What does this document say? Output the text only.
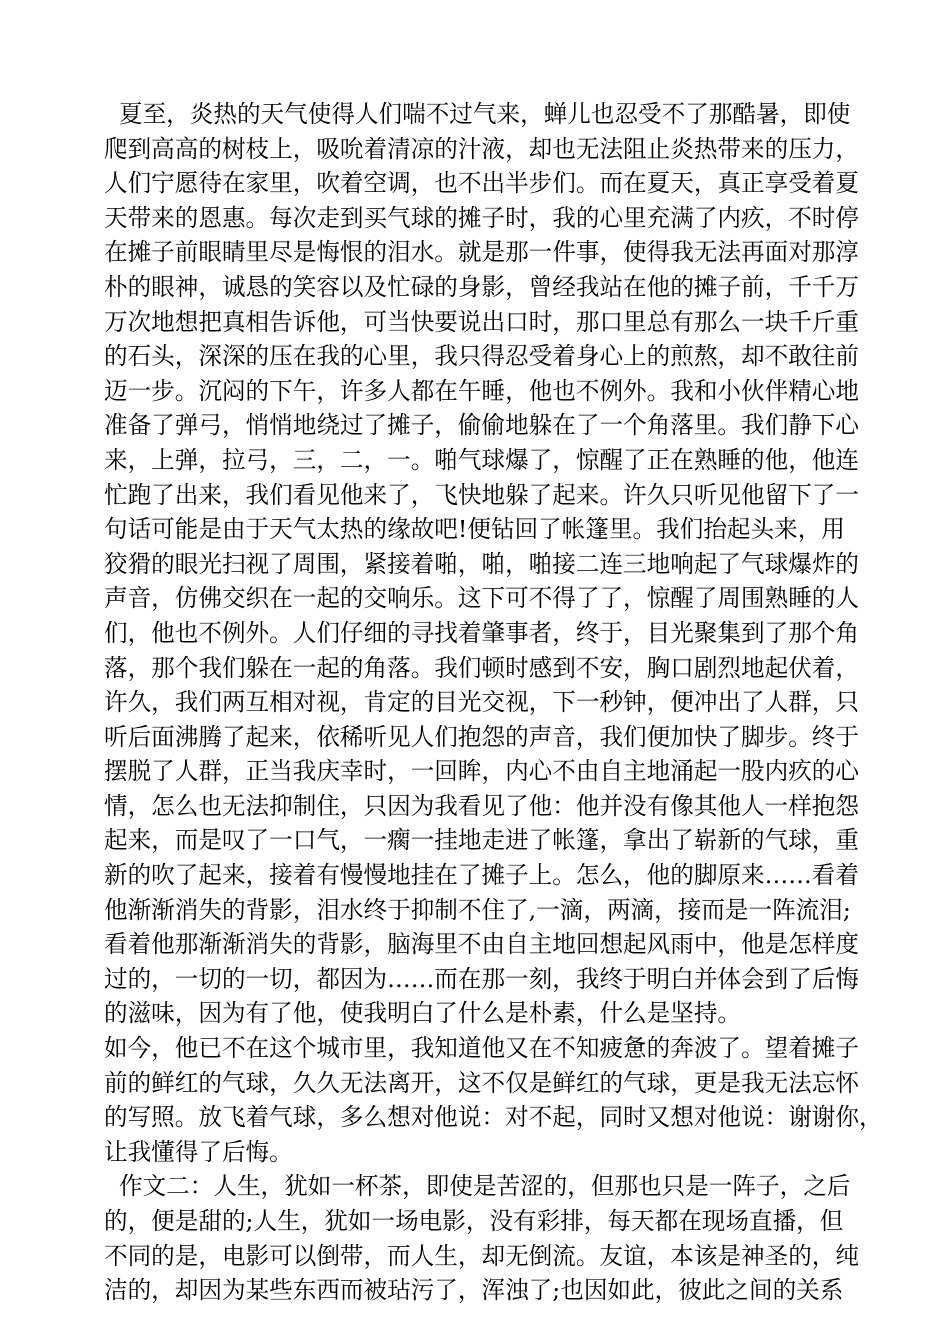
夏至，炎热的天气使得人们喘不过气来，蝉儿也忍受不了那酷暑，即使
爬到高高的树枝上，吸吮着清凉的汁液，却也无法阻止炎热带来的压力，
人们宁愿待在家里，吹着空调，也不出半步们。而在夏天，真正享受着夏
天带来的恩惠。每次走到买气球的摊子时，我的心里充满了内疚，不时停
在摊子前眼睛里尽是悔恨的泪水。就是那一件事，使得我无法再面对那淳
朴的眼神，诚恳的笑容以及忙碌的身影，曾经我站在他的摊子前，千千万
万次地想把真相告诉他，可当快要说出口时，那口里总有那么一块千斤重
的石头，深深的压在我的心里，我只得忍受着身心上的煎熬，却不敢往前
迈一步。沉闷的下午，许多人都在午睡，他也不例外。我和小伙伴精心地
准备了弹弓，悄悄地绕过了摊子，偷偷地躲在了一个角落里。我们静下心
来，上弹，拉弓，三，二，一。啪气球爆了，惊醒了正在熟睡的他，他连
忙跑了出来，我们看见他来了，飞快地躲了起来。许久只听见他留下了一
句话可能是由于天气太热的缘故吧!便钻回了帐篷里。我们抬起头来，用
狡猾的眼光扫视了周围，紧接着啪，啪，啪接二连三地响起了气球爆炸的
声音，仿佛交织在一起的交响乐。这下可不得了了，惊醒了周围熟睡的人
们，他也不例外。人们仔细的寻找着肇事者，终于，目光聚集到了那个角
落，那个我们躲在一起的角落。我们顿时感到不安，胸口剧烈地起伏着，
许久，我们两互相对视，肯定的目光交视，下一秒钟，便冲出了人群，只
听后面沸腾了起来，依稀听见人们抱怨的声音，我们便加快了脚步。终于
摆脱了人群，正当我庆幸时，一回眸，内心不由自主地涌起一股内疚的心
情，怎么也无法抑制住，只因为我看见了他：他并没有像其他人一样抱怨
起来，而是叹了一口气，一瘸一挂地走进了帐篷，拿出了崭新的气球，重
新的吹了起来，接着有慢慢地挂在了摊子上。怎么，他的脚原来……看着
他渐渐消失的背影，泪水终于抑制不住了,一滴，两滴，接而是一阵流泪;
看着他那渐渐消失的背影，脑海里不由自主地回想起风雨中，他是怎样度
过的，一切的一切，都因为……而在那一刻，我终于明白并体会到了后悔
的滋味，因为有了他，使我明白了什么是朴素，什么是坚持。
如今，他已不在这个城市里，我知道他又在不知疲惫的奔波了。望着摊子
前的鲜红的气球，久久无法离开，这不仅是鲜红的气球，更是我无法忘怀
的写照。放飞着气球，多么想对他说：对不起，同时又想对他说：谢谢你，
让我懂得了后悔。
作文二：人生，犹如一杯茶，即使是苦涩的，但那也只是一阵子，之后
的，便是甜的;人生，犹如一场电影，没有彩排，每天都在现场直播，但
不同的是，电影可以倒带，而人生，却无倒流。友谊，本该是神圣的，纯
洁的，却因为某些东西而被玷污了，浑浊了;也因如此，彼此之间的关系
